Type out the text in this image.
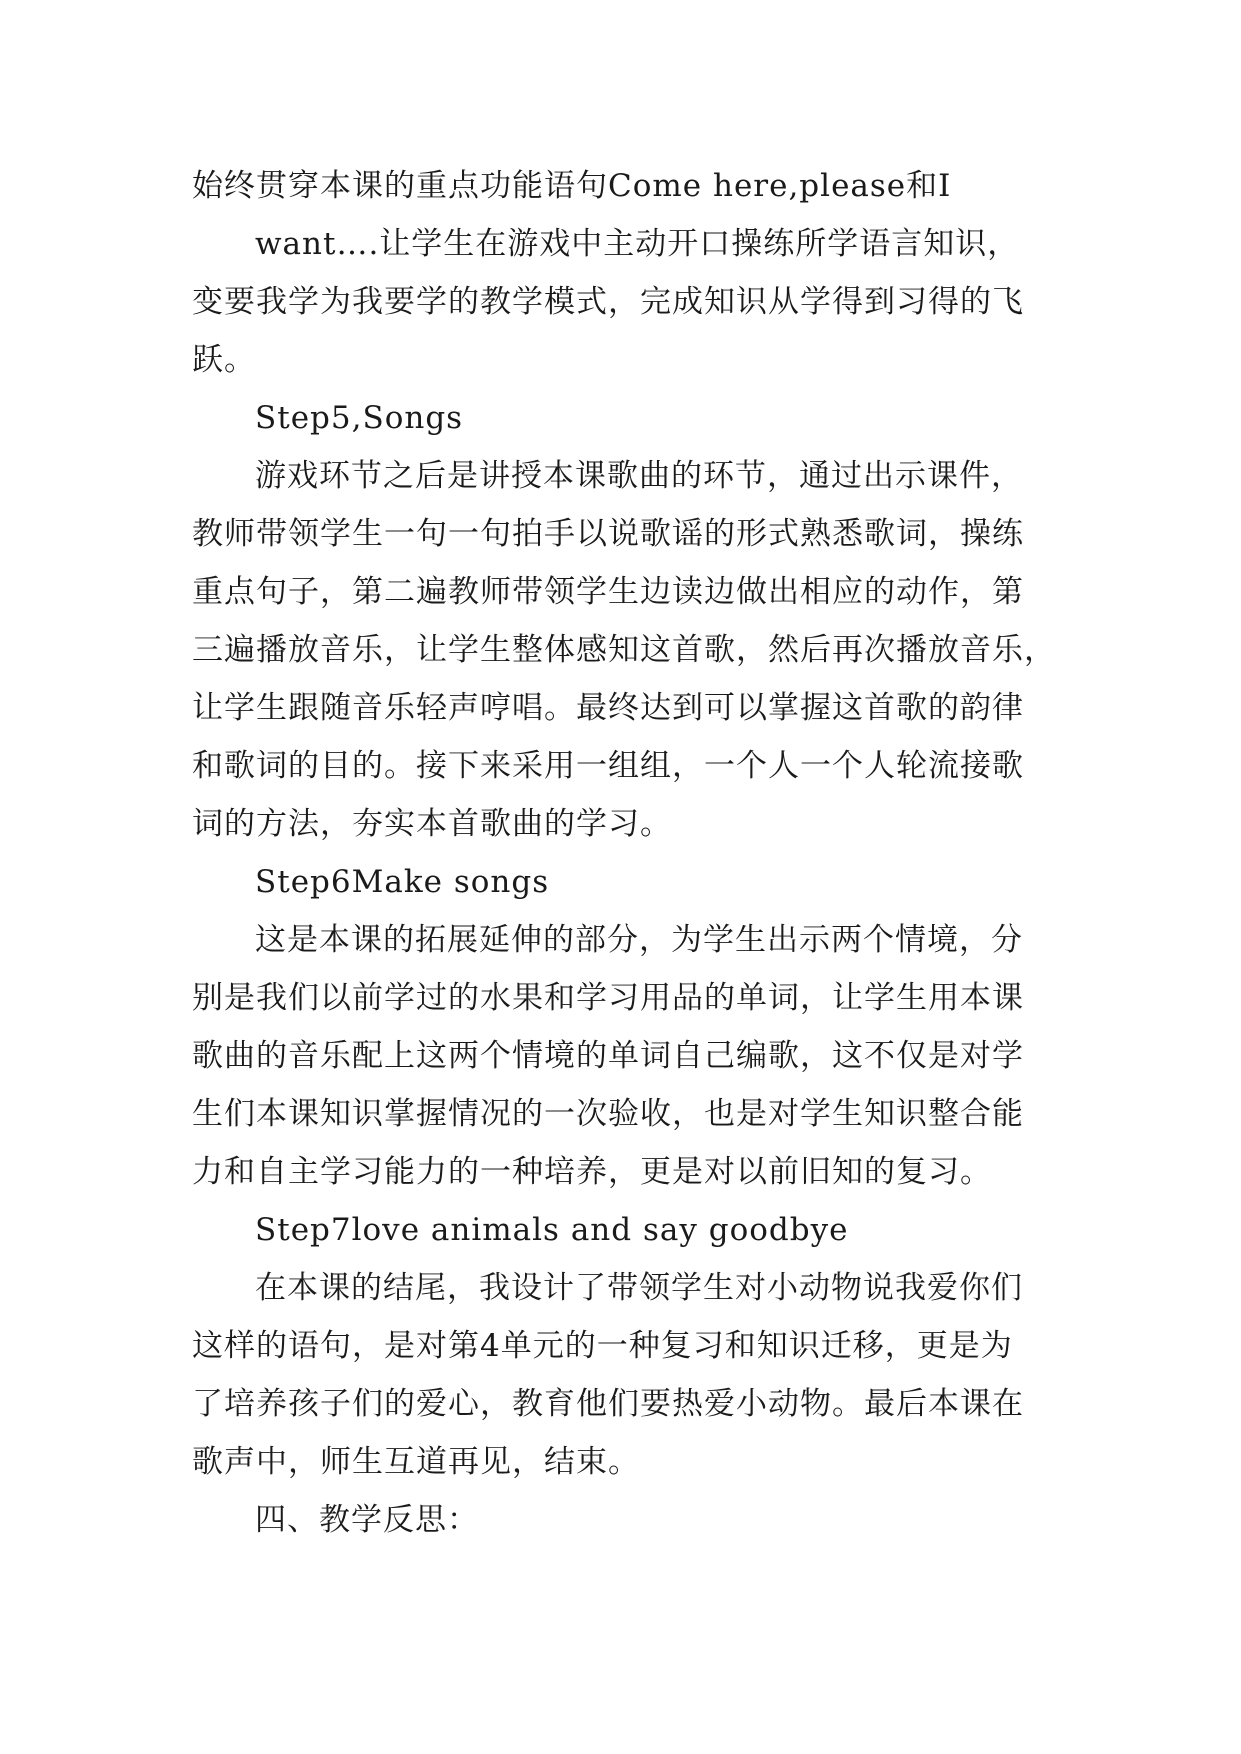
始终贯穿本课的重点功能语句Come here,please和I
want….让学生在游戏中主动开口操练所学语言知识，
变要我学为我要学的教学模式，完成知识从学得到习得的飞
跃。
Step5,Songs
游戏环节之后是讲授本课歌曲的环节，通过出示课件，
教师带领学生一句一句拍手以说歌谣的形式熟悉歌词，操练
重点句子，第二遍教师带领学生边读边做出相应的动作，第
三遍播放音乐，让学生整体感知这首歌，然后再次播放音乐，
让学生跟随音乐轻声哼唱。最终达到可以掌握这首歌的韵律
和歌词的目的。接下来采用一组组，一个人一个人轮流接歌
词的方法，夯实本首歌曲的学习。
Step6Make songs
这是本课的拓展延伸的部分，为学生出示两个情境，分
别是我们以前学过的水果和学习用品的单词，让学生用本课
歌曲的音乐配上这两个情境的单词自己编歌，这不仅是对学
生们本课知识掌握情况的一次验收，也是对学生知识整合能
力和自主学习能力的一种培养，更是对以前旧知的复习。
Step7love animals and say goodbye
在本课的结尾，我设计了带领学生对小动物说我爱你们
这样的语句，是对第4单元的一种复习和知识迁移，更是为
了培养孩子们的爱心，教育他们要热爱小动物。最后本课在
歌声中，师生互道再见，结束。
四、教学反思：
